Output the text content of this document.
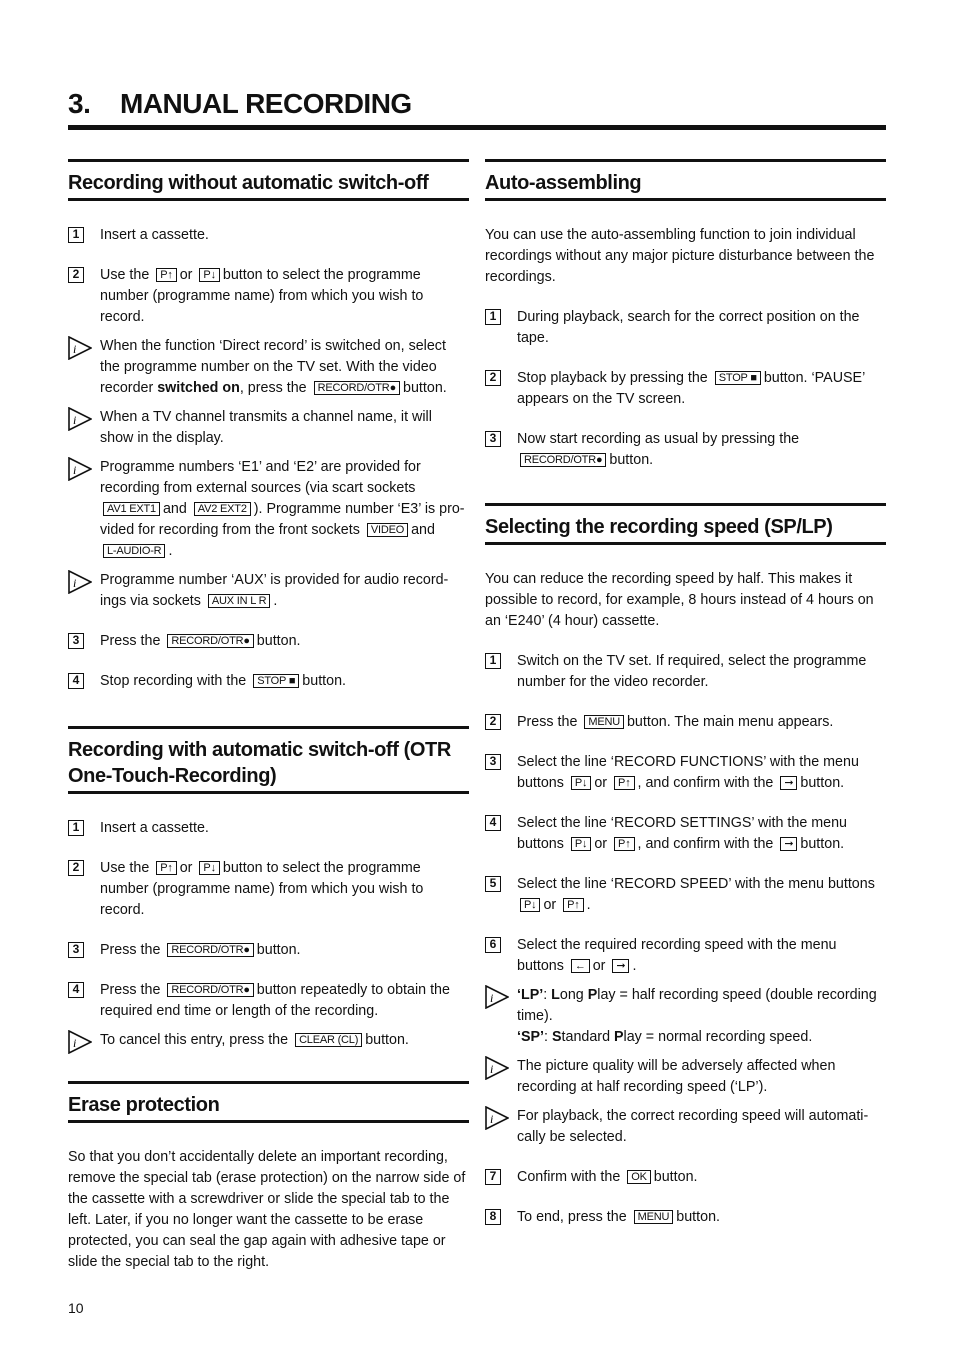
3. MANUAL RECORDING
Recording without automatic switch-off
1	Insert a cassette.
2	Use the P↑ or P↓ button to select the programme number (programme name) from which you wish to record.
i When the function ‘Direct record’ is switched on, select the programme number on the TV set. With the video recorder switched on, press the RECORD/OTR● button.
i When a TV channel transmits a channel name, it will show in the display.
i Programme numbers ‘E1’ and ‘E2’ are provided for recording from external sources (via scart sockets AV1 EXT1 and AV2 EXT2 ). Programme number ‘E3’ is pro-vided for recording from the front sockets VIDEO and L-AUDIO-R .
i Programme number ‘AUX’ is provided for audio record-ings via sockets AUX IN L R .
3	Press the RECORD/OTR● button.
4	Stop recording with the STOP ■ button.
Recording with automatic switch-off (OTR One-Touch-Recording)
1	Insert a cassette.
2	Use the P↑ or P↓ button to select the programme number (programme name) from which you wish to record.
3	Press the RECORD/OTR● button.
4	Press the RECORD/OTR● button repeatedly to obtain the required end time or length of the recording.
i To cancel this entry, press the CLEAR (CL) button.
Erase protection
So that you don’t accidentally delete an important recording, remove the special tab (erase protection) on the narrow side of the cassette with a screwdriver or slide the special tab to the left. Later, if you no longer want the cassette to be erase protected, you can seal the gap again with adhesive tape or slide the special tab to the right.
Auto-assembling
You can use the auto-assembling function to join individual recordings without any major picture disturbance between the recordings.
1	During playback, search for the correct position on the tape.
2	Stop playback by pressing the STOP ■ button. ‘PAUSE’ appears on the TV screen.
3	Now start recording as usual by pressing the RECORD/OTR● button.
Selecting the recording speed (SP/LP)
You can reduce the recording speed by half. This makes it possible to record, for example, 8 hours instead of 4 hours on an ‘E240’ (4 hour) cassette.
1	Switch on the TV set. If required, select the programme number for the video recorder.
2	Press the MENU button. The main menu appears.
3	Select the line ‘RECORD FUNCTIONS’ with the menu buttons P↓ or P↑ , and confirm with the ➞ button.
4	Select the line ‘RECORD SETTINGS’ with the menu buttons P↓ or P↑ , and confirm with the ➞ button.
5	Select the line ‘RECORD SPEED’ with the menu buttons P↓ or P↑ .
6	Select the required recording speed with the menu buttons ← or ➞ .
i ‘LP’: Long Play = half recording speed (double recording time).
‘SP’: Standard Play = normal recording speed.
i The picture quality will be adversely affected when recording at half recording speed (‘LP’).
i For playback, the correct recording speed will automati-cally be selected.
7	Confirm with the OK button.
8	To end, press the MENU button.
10
